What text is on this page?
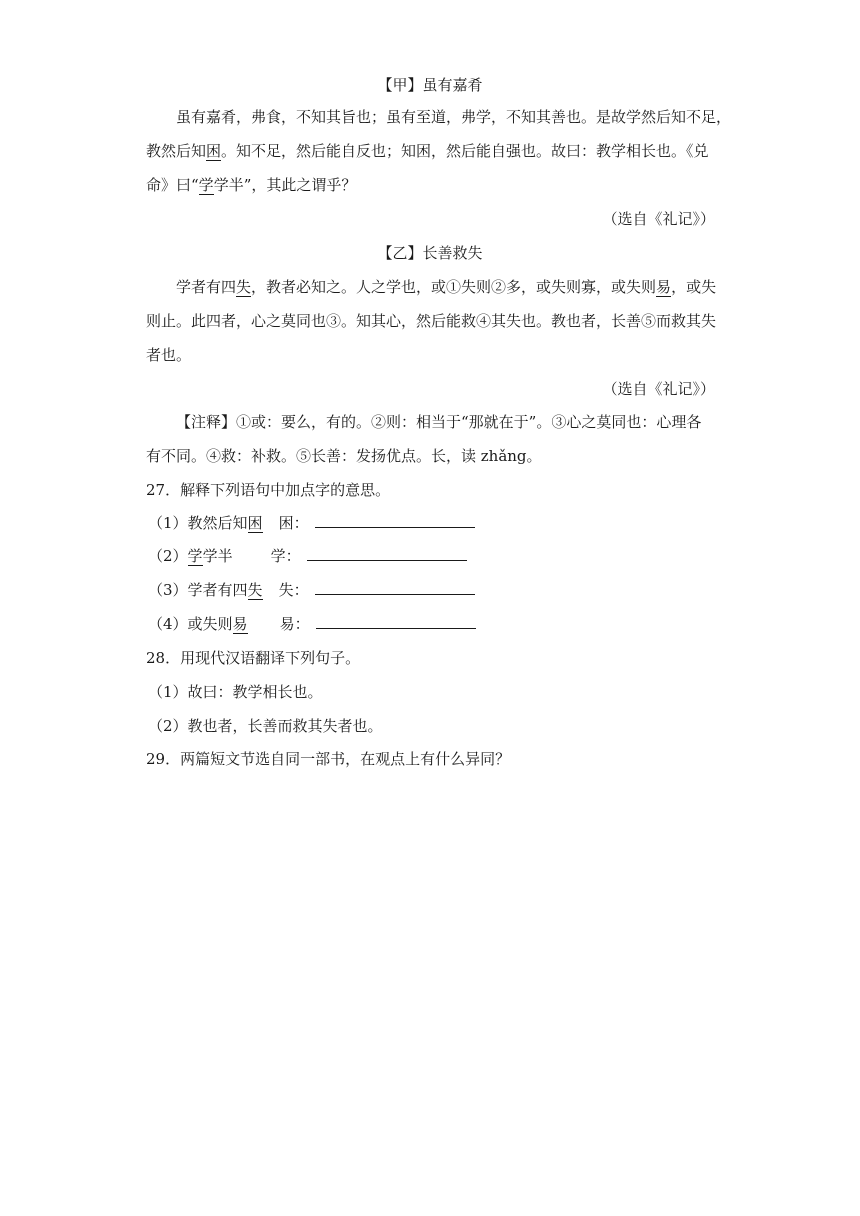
【甲】虽有嘉肴
虽有嘉肴，弗食，不知其旨也；虽有至道，弗学，不知其善也。是故学然后知不足，
教然后知困。知不足，然后能自反也；知困，然后能自强也。故曰：教学相长也。《兑
命》曰“学学半”，其此之谓乎？
（选自《礼记》）
【乙】长善救失
学者有四失，教者必知之。人之学也，或①失则②多，或失则寡，或失则易，或失
则止。此四者，心之莫同也③。知其心，然后能救④其失也。教也者，长善⑤而救其失
者也。
（选自《礼记》）
【注释】①或：要么，有的。②则：相当于“那就在于”。③心之莫同也：心理各
有不同。④救：补救。⑤长善：发扬优点。长，读 zhǎng。
27．解释下列语句中加点字的意思。
（1）教然后知困 困：
（2）学学半	学：
（3）学者有四失 失：
（4）或失则易 易：
28．用现代汉语翻译下列句子。
（1）故曰：教学相长也。
（2）教也者，长善而救其失者也。
29．两篇短文节选自同一部书，在观点上有什么异同？
